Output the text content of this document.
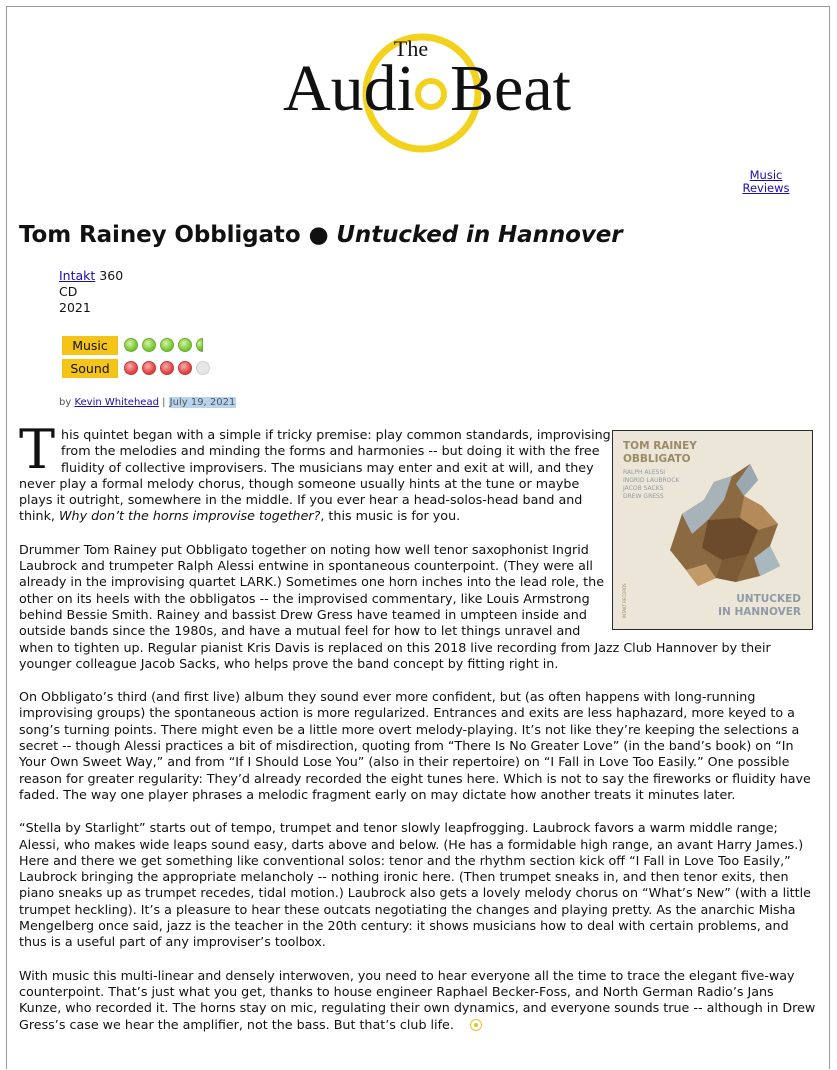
The
Audi Beat
Music
Reviews
Tom Rainey Obbligato ● Untucked in Hannover
Intakt 360
CD
2021
Music
Sound
by Kevin Whitehead | July 19, 2021
TOM RAINEY
OBBLIGATO
RALPH ALESSI
INGRID LAUBROCK
JACOB SACKS
DREW GRESS
UNTUCKED
IN HANNOVER
INTAKT RECORDS

This quintet began with a simple if tricky premise: play common standards, improvising from the melodies and minding the forms and harmonies -- but doing it with the free fluidity of collective improvisers. The musicians may enter and exit at will, and they never play a formal melody chorus, though someone usually hints at the tune or maybe plays it outright, somewhere in the middle. If you ever hear a head-solos-head band and think, Why don’t the horns improvise together?, this music is for you.

Drummer Tom Rainey put Obbligato together on noting how well tenor saxophonist Ingrid Laubrock and trumpeter Ralph Alessi entwine in spontaneous counterpoint. (They were all already in the improvising quartet LARK.) Sometimes one horn inches into the lead role, the other on its heels with the obbligatos -- the improvised commentary, like Louis Armstrong behind Bessie Smith. Rainey and bassist Drew Gress have teamed in umpteen inside and outside bands since the 1980s, and have a mutual feel for how to let things unravel and when to tighten up. Regular pianist Kris Davis is replaced on this 2018 live recording from Jazz Club Hannover by their younger colleague Jacob Sacks, who helps prove the band concept by fitting right in.

On Obbligato’s third (and first live) album they sound ever more confident, but (as often happens with long-running improvising groups) the spontaneous action is more regularized. Entrances and exits are less haphazard, more keyed to a song’s turning points. There might even be a little more overt melody-playing. It’s not like they’re keeping the selections a secret -- though Alessi practices a bit of misdirection, quoting from “There Is No Greater Love” (in the band’s book) on “In Your Own Sweet Way,” and from “If I Should Lose You” (also in their repertoire) on “I Fall in Love Too Easily.” One possible reason for greater regularity: They’d already recorded the eight tunes here. Which is not to say the fireworks or fluidity have faded. The way one player phrases a melodic fragment early on may dictate how another treats it minutes later.

“Stella by Starlight” starts out of tempo, trumpet and tenor slowly leapfrogging. Laubrock favors a warm middle range; Alessi, who makes wide leaps sound easy, darts above and below. (He has a formidable high range, an avant Harry James.) Here and there we get something like conventional solos: tenor and the rhythm section kick off “I Fall in Love Too Easily,” Laubrock bringing the appropriate melancholy -- nothing ironic here. (Then trumpet sneaks in, and then tenor exits, then piano sneaks up as trumpet recedes, tidal motion.) Laubrock also gets a lovely melody chorus on “What’s New” (with a little trumpet heckling). It’s a pleasure to hear these outcats negotiating the changes and playing pretty. As the anarchic Misha Mengelberg once said, jazz is the teacher in the 20th century: it shows musicians how to deal with certain problems, and thus is a useful part of any improviser’s toolbox.

With music this multi-linear and densely interwoven, you need to hear everyone all the time to trace the elegant five-way counterpoint. That’s just what you get, thanks to house engineer Raphael Becker-Foss, and North German Radio’s Jans Kunze, who recorded it. The horns stay on mic, regulating their own dynamics, and everyone sounds true -- although in Drew Gress’s case we hear the amplifier, not the bass. But that’s club life.
